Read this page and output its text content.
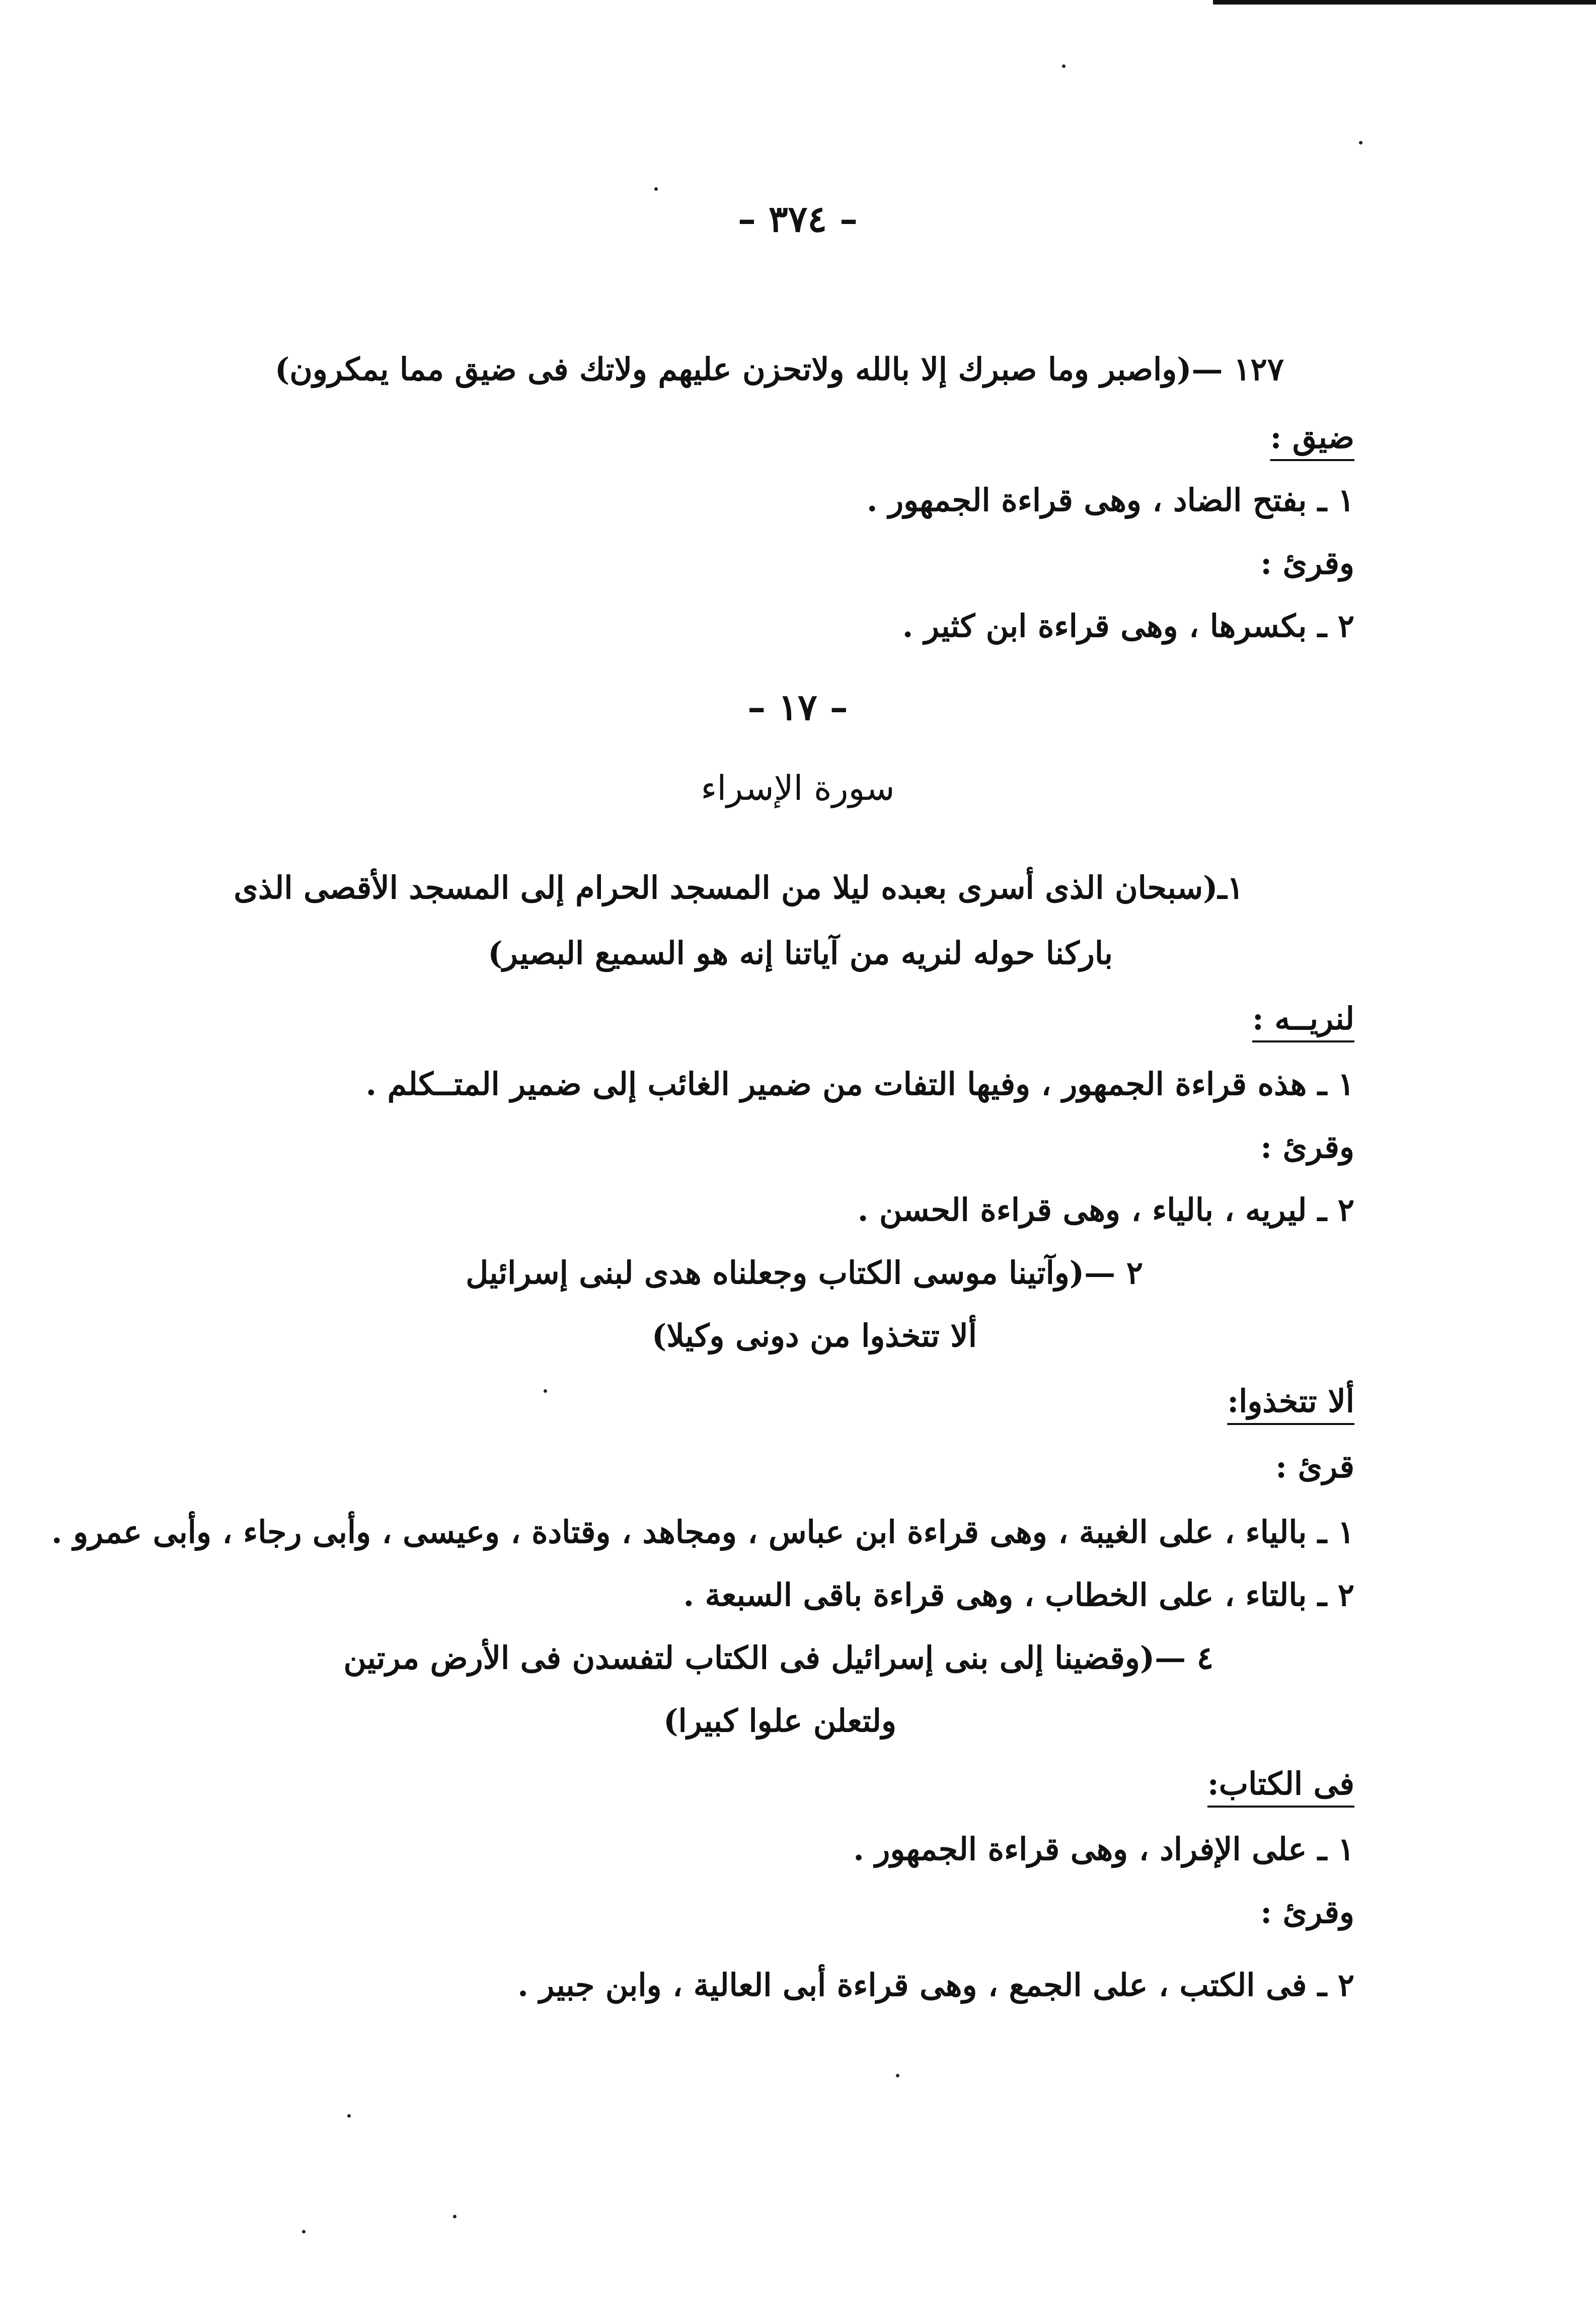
– ٣٧٤ –
١٢٧ —(واصبر وما صبرك إلا بالله ولاتحزن عليهم ولاتك فى ضيق مما يمكرون)
ضيق :
١ ـ بفتح الضاد ، وهى قراءة الجمهور .
وقرئ :
٢ ـ بكسرها ، وهى قراءة ابن كثير .
– ١٧ –
سورة الإسراء
١ـ(سبحان الذى أسرى بعبده ليلا من المسجد الحرام إلى المسجد الأقصى الذى
باركنا حوله لنريه من آياتنا إنه هو السميع البصير)
لنريــه :
١ ـ هذه قراءة الجمهور ، وفيها التفات من ضمير الغائب إلى ضمير المتــكلم .
وقرئ :
٢ ـ ليريه ، بالياء ، وهى قراءة الحسن .
٢ —(وآتينا موسى الكتاب وجعلناه هدى لبنى إسرائيل
ألا تتخذوا من دونى وكيلا)
ألا تتخذوا:
قرئ :
١ ـ بالياء ، على الغيبة ، وهى قراءة ابن عباس ، ومجاهد ، وقتادة ، وعيسى ، وأبى رجاء ، وأبى عمرو .
٢ ـ بالتاء ، على الخطاب ، وهى قراءة باقى السبعة .
٤ —(وقضينا إلى بنى إسرائيل فى الكتاب لتفسدن فى الأرض مرتين
ولتعلن علوا كبيرا)
فى الكتاب:
١ ـ على الإفراد ، وهى قراءة الجمهور .
وقرئ :
٢ ـ فى الكتب ، على الجمع ، وهى قراءة أبى العالية ، وابن جبير .
